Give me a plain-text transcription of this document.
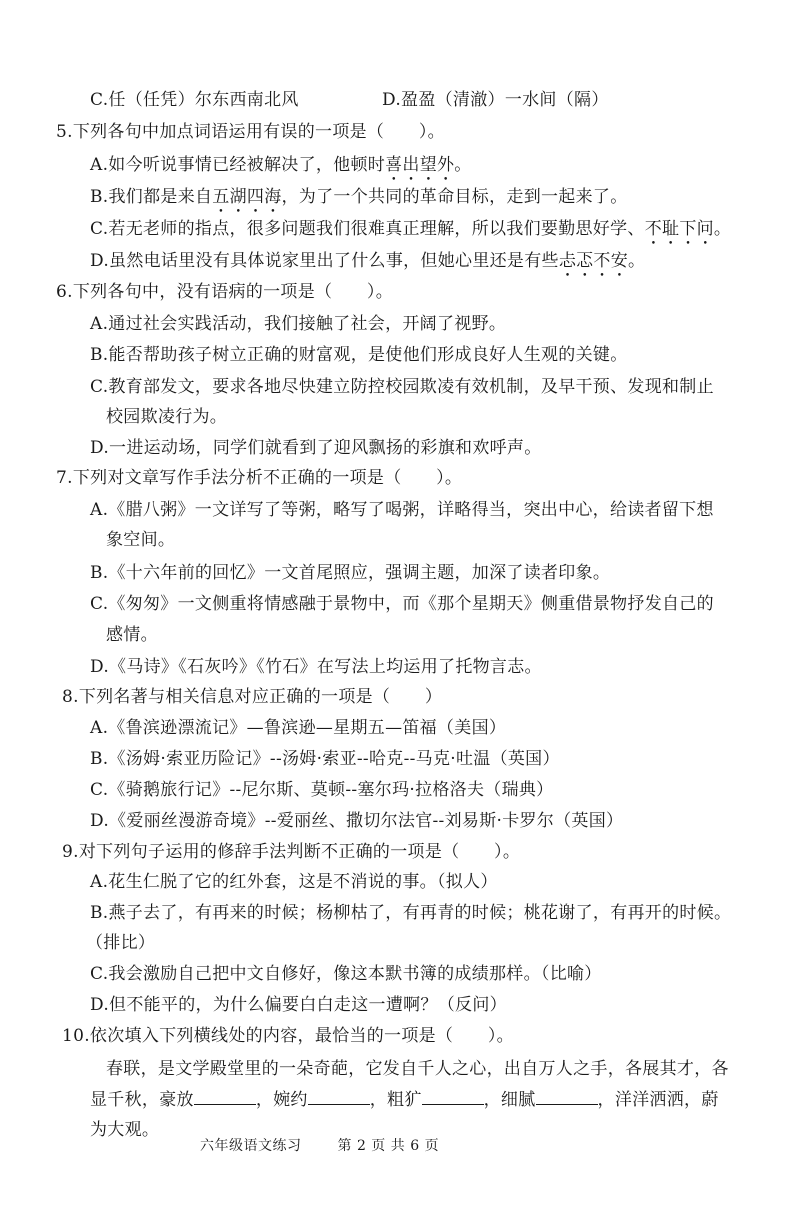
C.任（任凭）尔东西南北风	D.盈盈（清澈）一水间（隔）
5.下列各句中加点词语运用有误的一项是（　　）。
A.如今听说事情已经被解决了，他顿时喜出望外。
B.我们都是来自五湖四海，为了一个共同的革命目标，走到一起来了。
C.若无老师的指点，很多问题我们很难真正理解，所以我们要勤思好学、不耻下问。
D.虽然电话里没有具体说家里出了什么事，但她心里还是有些忐忑不安。
6.下列各句中，没有语病的一项是（　　）。
A.通过社会实践活动，我们接触了社会，开阔了视野。
B.能否帮助孩子树立正确的财富观，是使他们形成良好人生观的关键。
C.教育部发文，要求各地尽快建立防控校园欺凌有效机制，及早干预、发现和制止
校园欺凌行为。
D.一进运动场，同学们就看到了迎风飘扬的彩旗和欢呼声。
7.下列对文章写作手法分析不正确的一项是（　　）。
A.《腊八粥》一文详写了等粥，略写了喝粥，详略得当，突出中心，给读者留下想
象空间。
B.《十六年前的回忆》一文首尾照应，强调主题，加深了读者印象。
C.《匆匆》一文侧重将情感融于景物中，而《那个星期天》侧重借景物抒发自己的
感情。
D.《马诗》《石灰吟》《竹石》在写法上均运用了托物言志。
8.下列名著与相关信息对应正确的一项是（　　）
A.《鲁滨逊漂流记》—鲁滨逊—星期五—笛福（美国）
B.《汤姆·索亚历险记》--汤姆·索亚--哈克--马克·吐温（英国）
C.《骑鹅旅行记》--尼尔斯、莫顿--塞尔玛·拉格洛夫（瑞典）
D.《爱丽丝漫游奇境》--爱丽丝、撒切尔法官--刘易斯·卡罗尔（英国）
9.对下列句子运用的修辞手法判断不正确的一项是（　　）。
A.花生仁脱了它的红外套，这是不消说的事。（拟人）
B.燕子去了，有再来的时候；杨柳枯了，有再青的时候；桃花谢了，有再开的时候。
（排比）
C.我会激励自己把中文自修好，像这本默书簿的成绩那样。（比喻）
D.但不能平的，为什么偏要白白走这一遭啊？（反问）
10.依次填入下列横线处的内容，最恰当的一项是（　　）。
春联，是文学殿堂里的一朵奇葩，它发自千人之心，出自万人之手，各展其才，各
显千秋，豪放	，婉约	，粗犷	，细腻	，洋洋洒洒，蔚
为大观。
六年级语文练习	第 2 页 共 6 页
